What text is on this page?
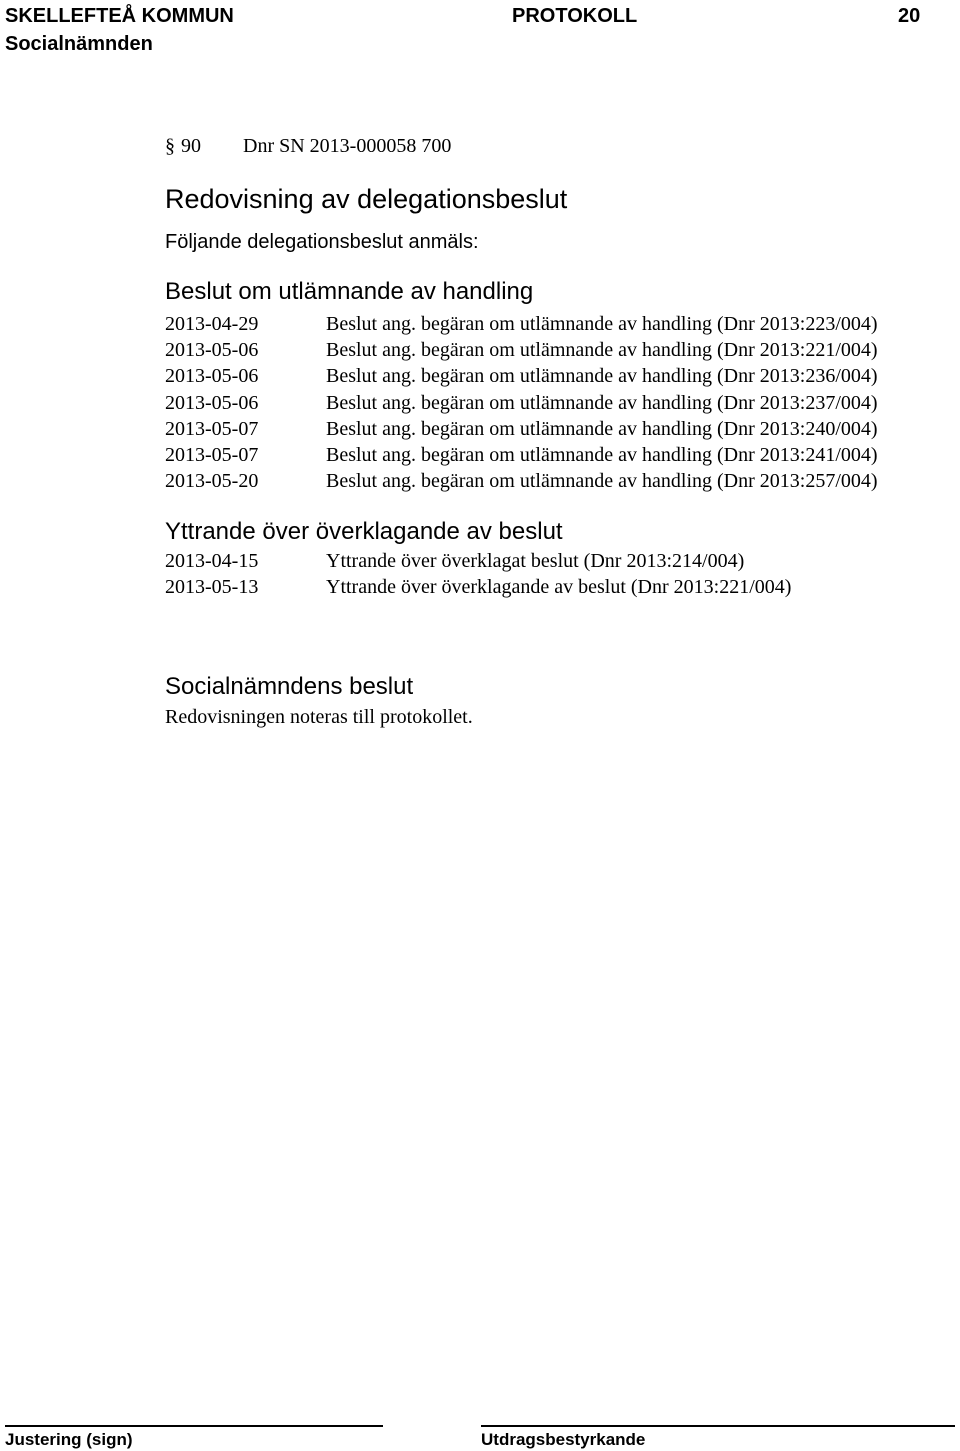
SKELLEFTEÅ KOMMUN
Socialnämnden
PROTOKOLL	20
§ 90 Dnr SN 2013-000058 700
Redovisning av delegationsbeslut
Följande delegationsbeslut anmäls:
Beslut om utlämnande av handling
2013-04-29	Beslut ang. begäran om utlämnande av handling (Dnr 2013:223/004)
2013-05-06	Beslut ang. begäran om utlämnande av handling (Dnr 2013:221/004)
2013-05-06	Beslut ang. begäran om utlämnande av handling (Dnr 2013:236/004)
2013-05-06	Beslut ang. begäran om utlämnande av handling (Dnr 2013:237/004)
2013-05-07	Beslut ang. begäran om utlämnande av handling (Dnr 2013:240/004)
2013-05-07	Beslut ang. begäran om utlämnande av handling (Dnr 2013:241/004)
2013-05-20	Beslut ang. begäran om utlämnande av handling (Dnr 2013:257/004)
Yttrande över överklagande av beslut
2013-04-15	Yttrande över överklagat beslut (Dnr 2013:214/004)
2013-05-13	Yttrande över överklagande av beslut (Dnr 2013:221/004)
Socialnämndens beslut
Redovisningen noteras till protokollet.
Justering (sign)	Utdragsbestyrkande
